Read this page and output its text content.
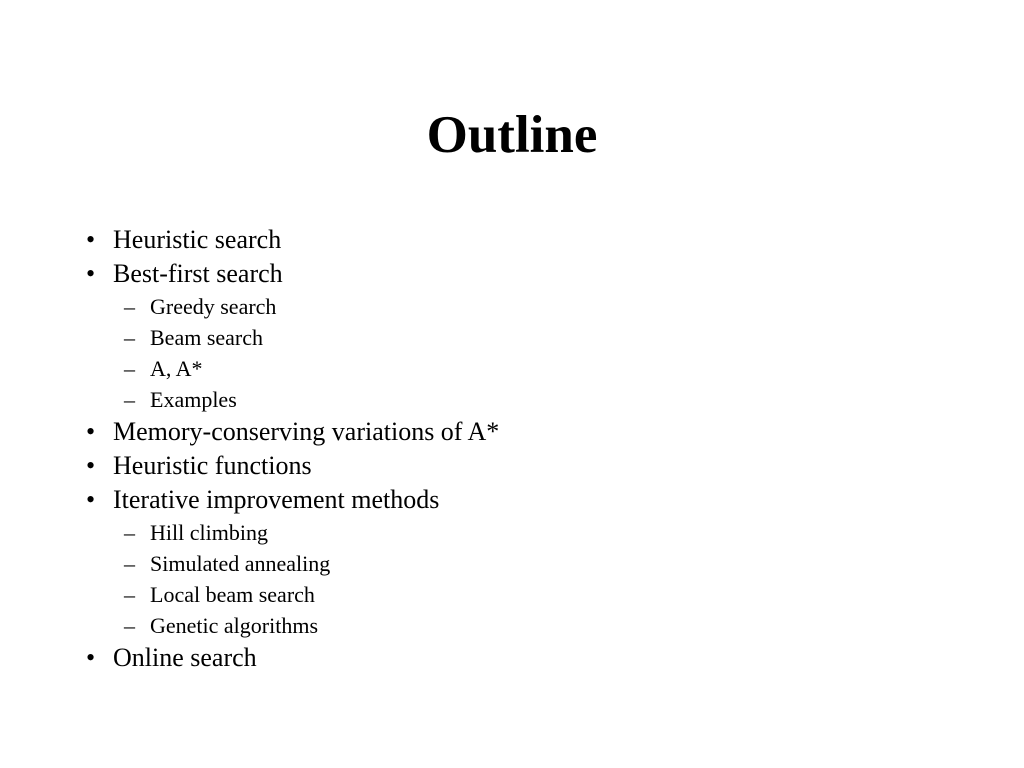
Outline
• Heuristic search
• Best-first search
– Greedy search
– Beam search
– A, A*
– Examples
• Memory-conserving variations of A*
• Heuristic functions
• Iterative improvement methods
– Hill climbing
– Simulated annealing
– Local beam search
– Genetic algorithms
• Online search
